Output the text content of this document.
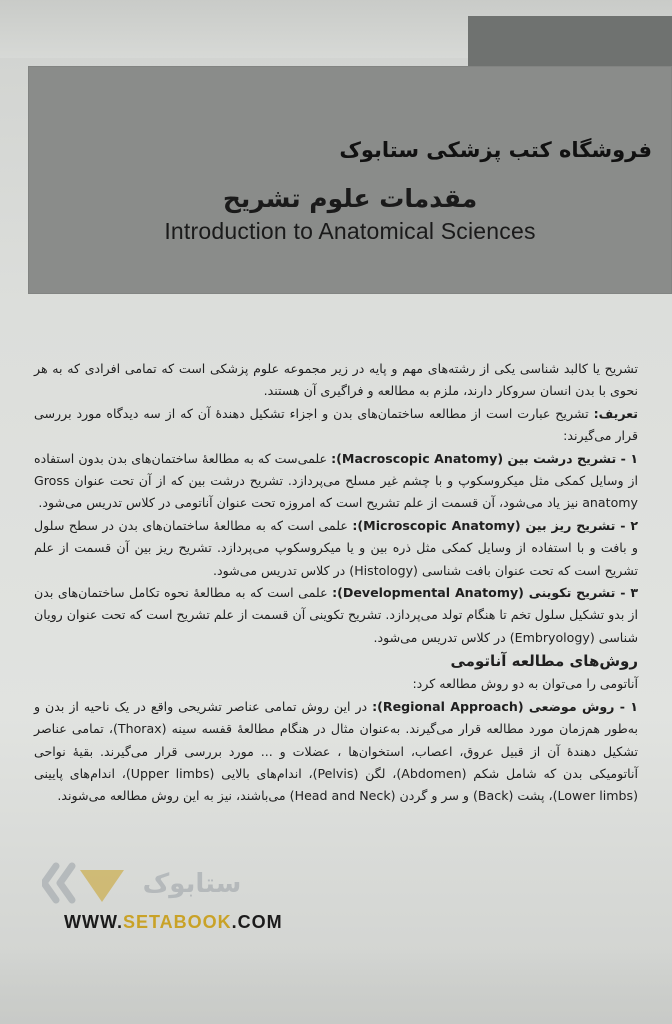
فروشگاه کتب پزشکی ستابوک
مقدمات علوم تشریح
Introduction to Anatomical Sciences

تشریح یا کالبد شناسی یکی از رشته‌های مهم و پایه در زیر مجموعه علوم پزشکی است که تمامی افرادی که به هر نحوی با بدن انسان سروکار دارند، ملزم به مطالعه و فراگیری آن هستند.

تعریف: تشریح عبارت است از مطالعه ساختمان‌های بدن و اجزاء تشکیل دهندهٔ آن که از سه دیدگاه مورد بررسی قرار می‌گیرند:

۱ - تشریح درشت بین (Macroscopic Anatomy): علمی‌ست که به مطالعهٔ ساختمان‌های بدن بدون استفاده از وسایل کمکی مثل میکروسکوپ و با چشم غیر مسلح می‌پردازد. تشریح درشت بین که از آن تحت عنوان Gross anatomy نیز یاد می‌شود، آن قسمت از علم تشریح است که امروزه تحت عنوان آناتومی در کلاس تدریس می‌شود.

۲ - تشریح ریز بین (Microscopic Anatomy): علمی است که به مطالعهٔ ساختمان‌های بدن در سطح سلول و بافت و با استفاده از وسایل کمکی مثل ذره بین و یا میکروسکوپ می‌پردازد. تشریح ریز بین آن قسمت از علم تشریح است که تحت عنوان بافت شناسی (Histology) در کلاس تدریس می‌شود.

۳ - تشریح تکوینی (Developmental Anatomy): علمی است که به مطالعهٔ نحوه تکامل ساختمان‌های بدن از بدو تشکیل سلول تخم تا هنگام تولد می‌پردازد. تشریح تکوینی آن قسمت از علم تشریح است که تحت عنوان رویان شناسی (Embryology) در کلاس تدریس می‌شود.

روش‌های مطالعه آناتومی

آناتومی را می‌توان به دو روش مطالعه کرد:

۱ - روش موضعی (Regional Approach): در این روش تمامی عناصر تشریحی واقع در یک ناحیه از بدن و به‌طور هم‌زمان مورد مطالعه قرار می‌گیرند. به‌عنوان مثال در هنگام مطالعهٔ قفسه سینه (Thorax)، تمامی عناصر تشکیل دهندهٔ آن از قبیل عروق، اعصاب، استخوان‌ها ، عضلات و ... مورد بررسی قرار می‌گیرند. بقیهٔ نواحی آناتومیکی بدن که شامل شکم (Abdomen)، لگن (Pelvis)، اندام‌های بالایی (Upper limbs)، اندام‌های پایینی (Lower limbs)، پشت (Back) و سر و گردن (Head and Neck) می‌باشند، نیز به این روش مطالعه می‌شوند.

ستابوک
WWW.SETABOOK.COM
